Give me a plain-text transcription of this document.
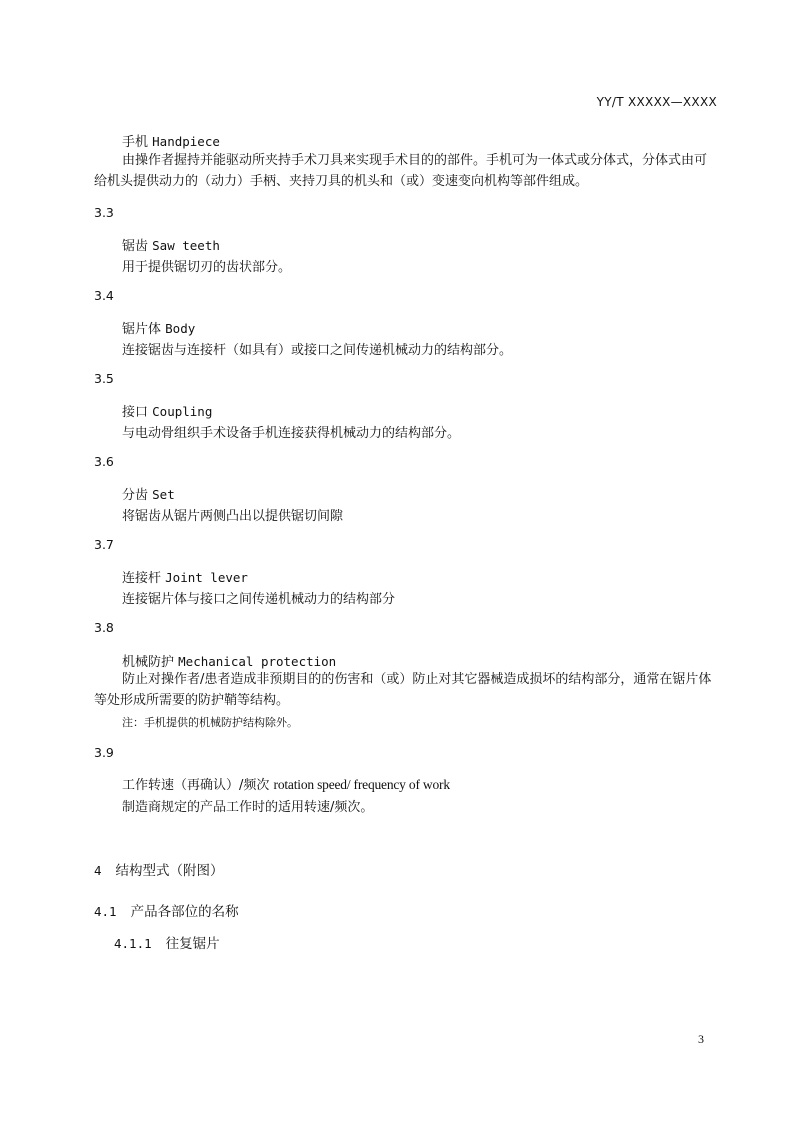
YY/T XXXXX—XXXX
手机 Handpiece
由操作者握持并能驱动所夹持手术刀具来实现手术目的的部件。手机可为一体式或分体式，分体式由可给机头提供动力的（动力）手柄、夹持刀具的机头和（或）变速变向机构等部件组成。
3.3
锯齿 Saw teeth
用于提供锯切刃的齿状部分。
3.4
锯片体 Body
连接锯齿与连接杆（如具有）或接口之间传递机械动力的结构部分。
3.5
接口 Coupling
与电动骨组织手术设备手机连接获得机械动力的结构部分。
3.6
分齿 Set
将锯齿从锯片两侧凸出以提供锯切间隙
3.7
连接杆 Joint lever
连接锯片体与接口之间传递机械动力的结构部分
3.8
机械防护 Mechanical protection
防止对操作者/患者造成非预期目的的伤害和（或）防止对其它器械造成损坏的结构部分，通常在锯片体等处形成所需要的防护鞘等结构。
注：手机提供的机械防护结构除外。
3.9
工作转速（再确认）/频次 rotation speed/ frequency of work
制造商规定的产品工作时的适用转速/频次。
4 结构型式（附图）
4.1 产品各部位的名称
4.1.1 往复锯片
3
